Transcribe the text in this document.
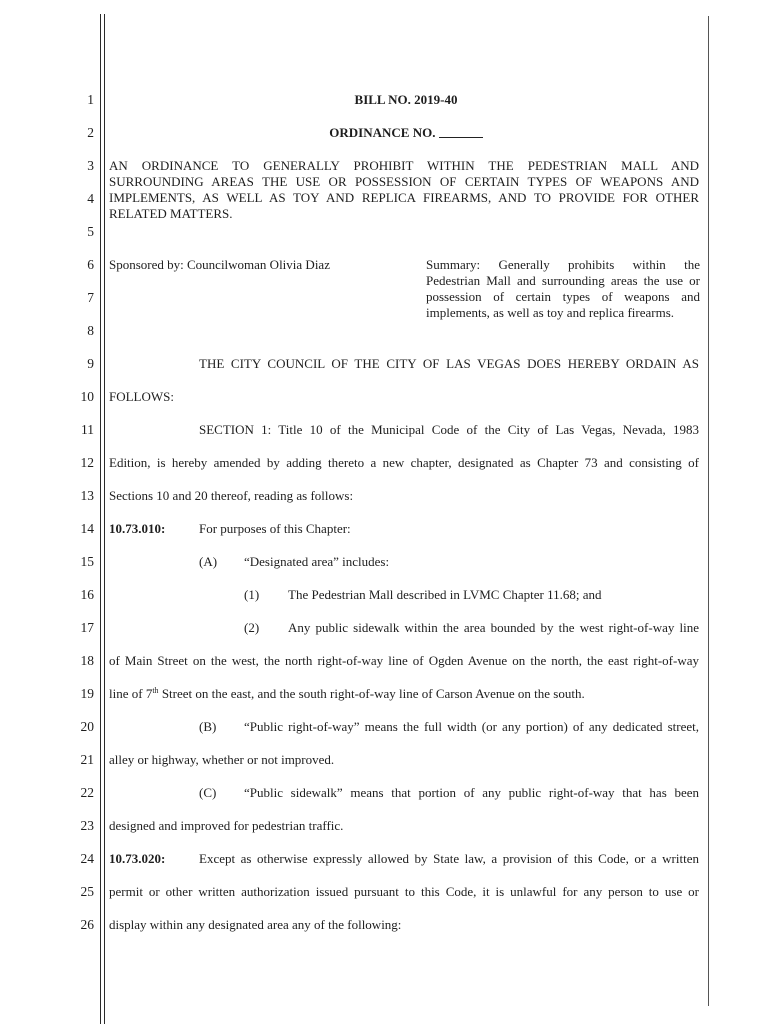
1
2
3
4
5
6
7
8
9
10
11
12
13
14
15
16
17
18
19
20
21
22
23
24
25
26
BILL NO. 2019-40
ORDINANCE NO.
AN ORDINANCE TO GENERALLY PROHIBIT WITHIN THE PEDESTRIAN MALL AND
SURROUNDING AREAS THE USE OR POSSESSION OF CERTAIN TYPES OF WEAPONS AND
IMPLEMENTS, AS WELL AS TOY AND REPLICA FIREARMS, AND TO PROVIDE FOR OTHER
RELATED MATTERS.
Sponsored by: Councilwoman Olivia Diaz	Summary: Generally prohibits within the
Pedestrian Mall and surrounding areas the use or
possession of certain types of weapons and
implements, as well as toy and replica firearms.
THE CITY COUNCIL OF THE CITY OF LAS VEGAS DOES HEREBY ORDAIN AS
FOLLOWS:
SECTION 1: Title 10 of the Municipal Code of the City of Las Vegas, Nevada, 1983
Edition, is hereby amended by adding thereto a new chapter, designated as Chapter 73 and consisting of
Sections 10 and 20 thereof, reading as follows:
10.73.010:	For purposes of this Chapter:
(A) “Designated area” includes:
(1) The Pedestrian Mall described in LVMC Chapter 11.68; and
(2) Any public sidewalk within the area bounded by the west right-of-way line
of Main Street on the west, the north right-of-way line of Ogden Avenue on the north, the east right-of-way
line of 7th Street on the east, and the south right-of-way line of Carson Avenue on the south.
(B) “Public right-of-way” means the full width (or any portion) of any dedicated street,
alley or highway, whether or not improved.
(C) “Public sidewalk” means that portion of any public right-of-way that has been
designed and improved for pedestrian traffic.
10.73.020:	Except as otherwise expressly allowed by State law, a provision of this Code, or a written
permit or other written authorization issued pursuant to this Code, it is unlawful for any person to use or
display within any designated area any of the following:
